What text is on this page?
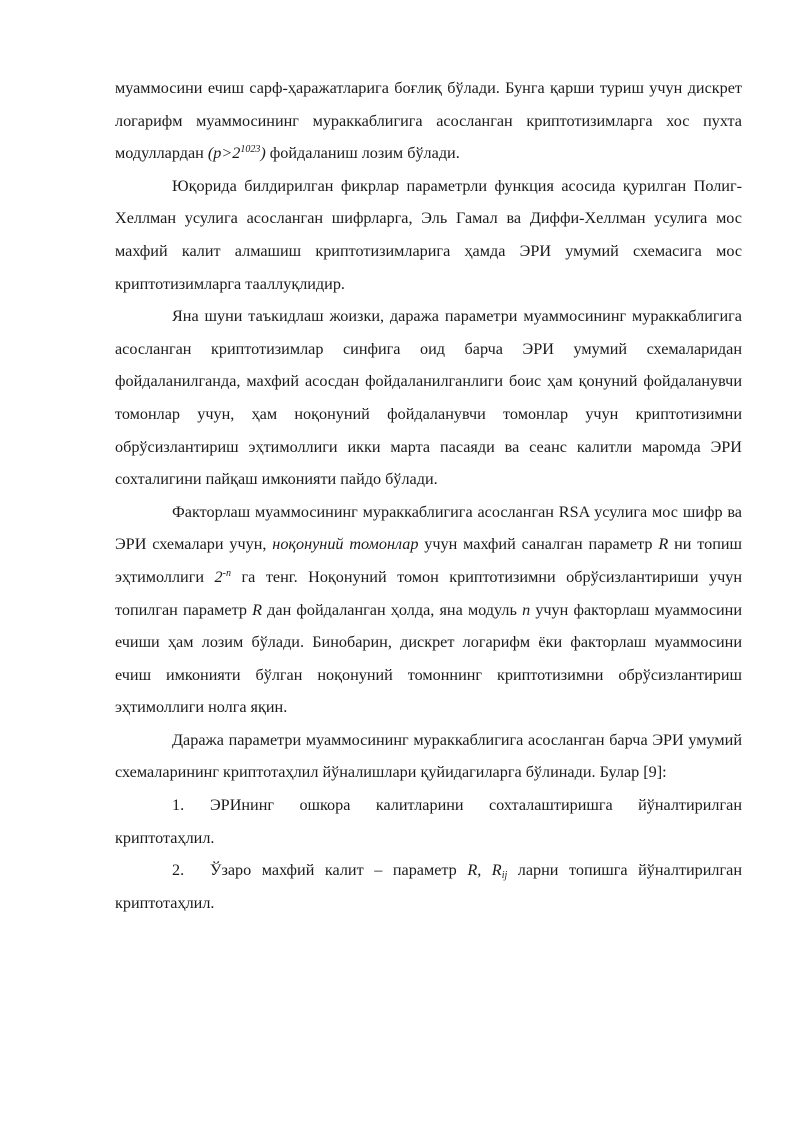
муаммосини ечиш сарф-ҳаражатларига боғлиқ бўлади. Бунга қарши туриш учун дискрет логарифм муаммосининг мураккаблигига асосланган криптотизимларга хос пухта модуллардан $(p>2^{1023})$ фойдаланиш лозим бўлади.

Юқорида билдирилган фикрлар параметрли функция асосида қурилган Полиг-Хеллман усулига асосланган шифрларга, Эль Гамал ва Диффи-Хеллман усулига мос махфий калит алмашиш криптотизимларига ҳамда ЭРИ умумий схемасига мос криптотизимларга тааллуқлидир.

Яна шуни таъкидлаш жоизки, даража параметри муаммосининг мураккаблигига асосланган криптотизимлар синфига оид барча ЭРИ умумий схемаларидан фойдаланилганда, махфий асосдан фойдаланилганлиги боис ҳам қонуний фойдаланувчи томонлар учун, ҳам ноқонуний фойдаланувчи томонлар учун криптотизимни обрўсизлантириш эҳтимоллиги икки марта пасаяди ва сеанс калитли маромда ЭРИ сохталигини пайқаш имконияти пайдо бўлади.

Факторлаш муаммосининг мураккаблигига асосланган RSA усулига мос шифр ва ЭРИ схемалари учун, ноқонуний томонлар учун махфий саналган параметр R ни топиш эҳтимоллиги $2^{-n}$ га тенг. Ноқонуний томон криптотизимни обрўсизлантириши учун топилган параметр R дан фойдаланган ҳолда, яна модуль n учун факторлаш муаммосини ечиши ҳам лозим бўлади. Бинобарин, дискрет логарифм ёки факторлаш муаммосини ечиш имконияти бўлган ноқонуний томоннинг криптотизимни обрўсизлантириш эҳтимоллиги нолга яқин.

Даража параметри муаммосининг мураккаблигига асосланган барча ЭРИ умумий схемаларининг криптотаҳлил йўналишлари қуйидагиларга бўлинади. Булар [9]:

1. ЭРИнинг ошкора калитларини сохталаштиришга йўналтирилган криптотаҳлил.

2. Ўзаро махфий калит – параметр R, $R_{ij}$ ларни топишга йўналтирилган криптотаҳлил.
